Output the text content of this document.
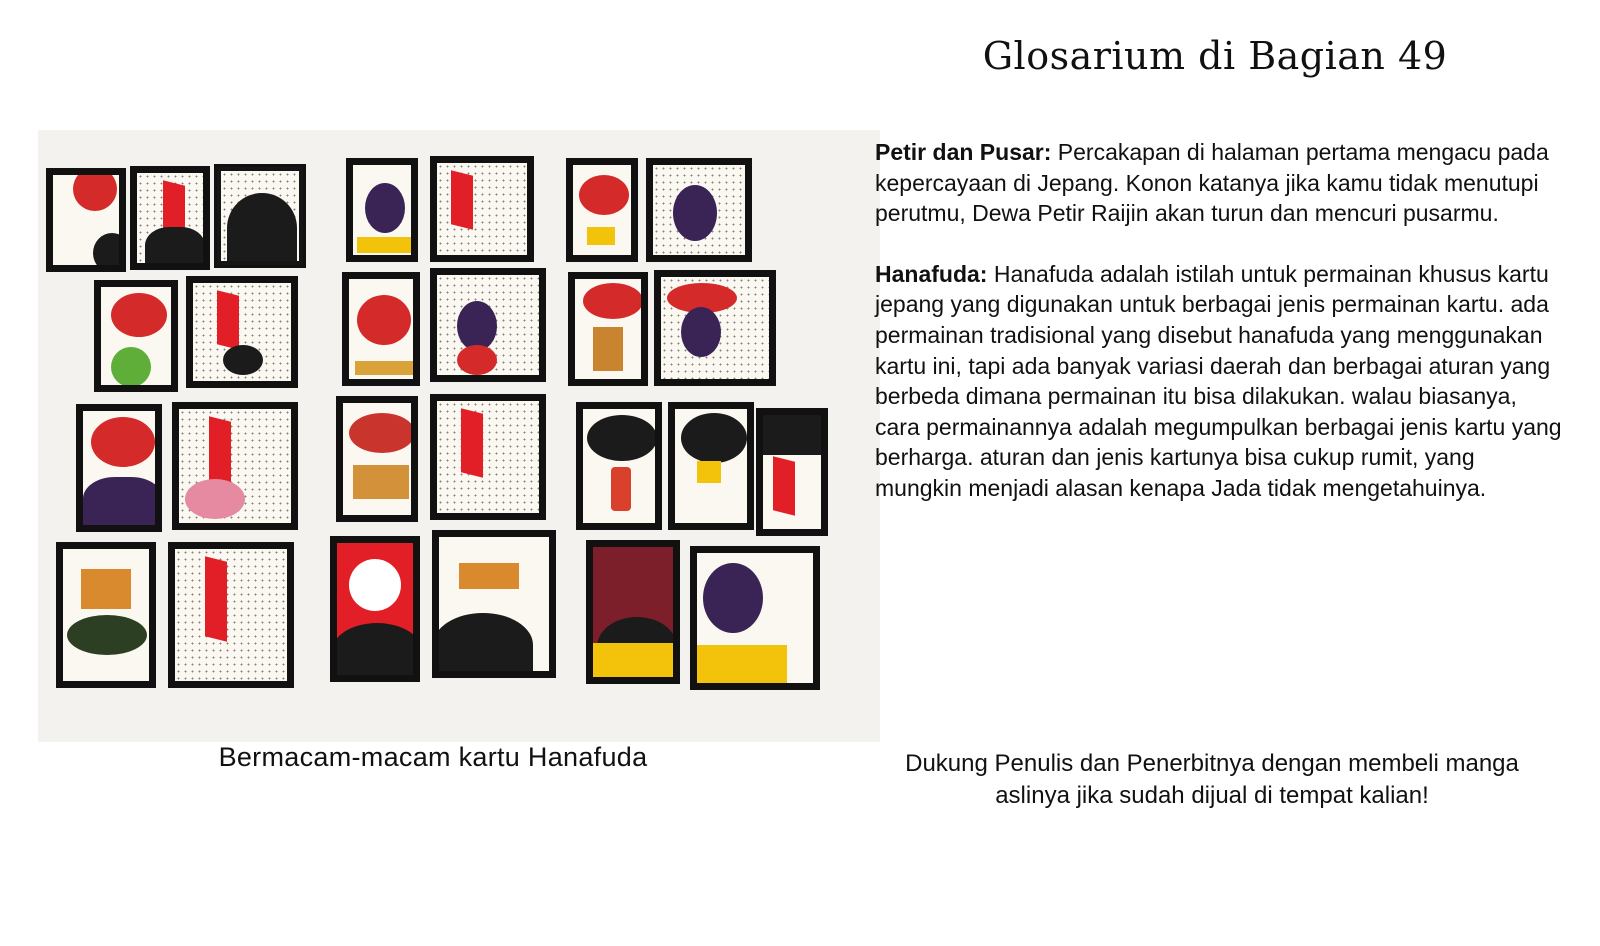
Glosarium di Bagian 49
Bermacam-macam kartu Hanafuda

Petir dan Pusar: Percakapan di halaman pertama mengacu pada kepercayaan di Jepang. Konon katanya jika kamu tidak menutupi perutmu, Dewa Petir Raijin akan turun dan mencuri pusarmu.

Hanafuda: Hanafuda adalah istilah untuk permainan khusus kartu jepang yang digunakan untuk berbagai jenis permainan kartu. ada permainan tradisional yang disebut hanafuda yang menggunakan kartu ini, tapi ada banyak variasi daerah dan berbagai aturan yang berbeda dimana permainan itu bisa dilakukan. walau biasanya, cara permainannya adalah megumpulkan berbagai jenis kartu yang berharga. aturan dan jenis kartunya bisa cukup rumit, yang mungkin menjadi alasan kenapa Jada tidak mengetahuinya.

Dukung Penulis dan Penerbitnya dengan membeli manga aslinya jika sudah dijual di tempat kalian!
